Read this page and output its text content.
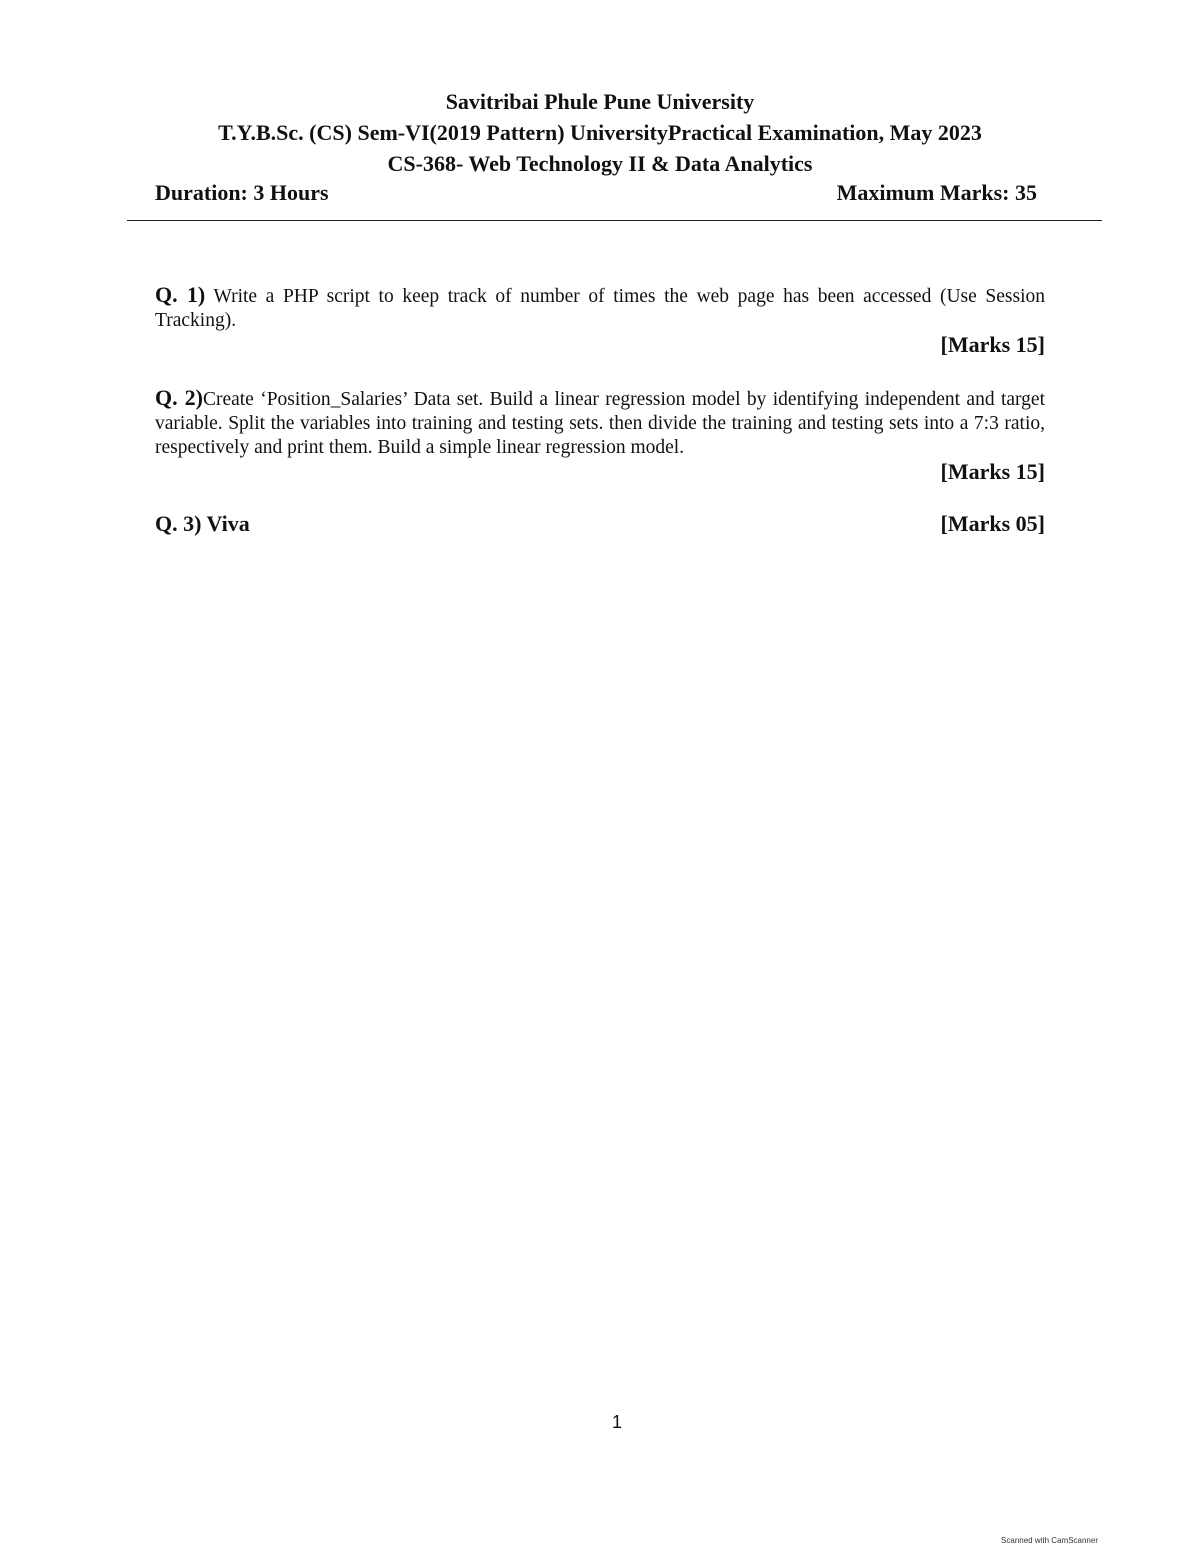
Savitribai Phule Pune University
T.Y.B.Sc. (CS) Sem-VI(2019 Pattern) UniversityPractical Examination, May 2023
CS-368- Web Technology II & Data Analytics
Duration: 3 Hours	Maximum Marks: 35
Q. 1) Write a PHP script to keep track of number of times the web page has been accessed (Use Session Tracking).
[Marks 15]
Q. 2)Create ‘Position_Salaries’ Data set. Build a linear regression model by identifying independent and target variable. Split the variables into training and testing sets. then divide the training and testing sets into a 7:3 ratio, respectively and print them. Build a simple linear regression model.
[Marks 15]
Q. 3) Viva	[Marks 05]
1
Scanned with CamScanner
